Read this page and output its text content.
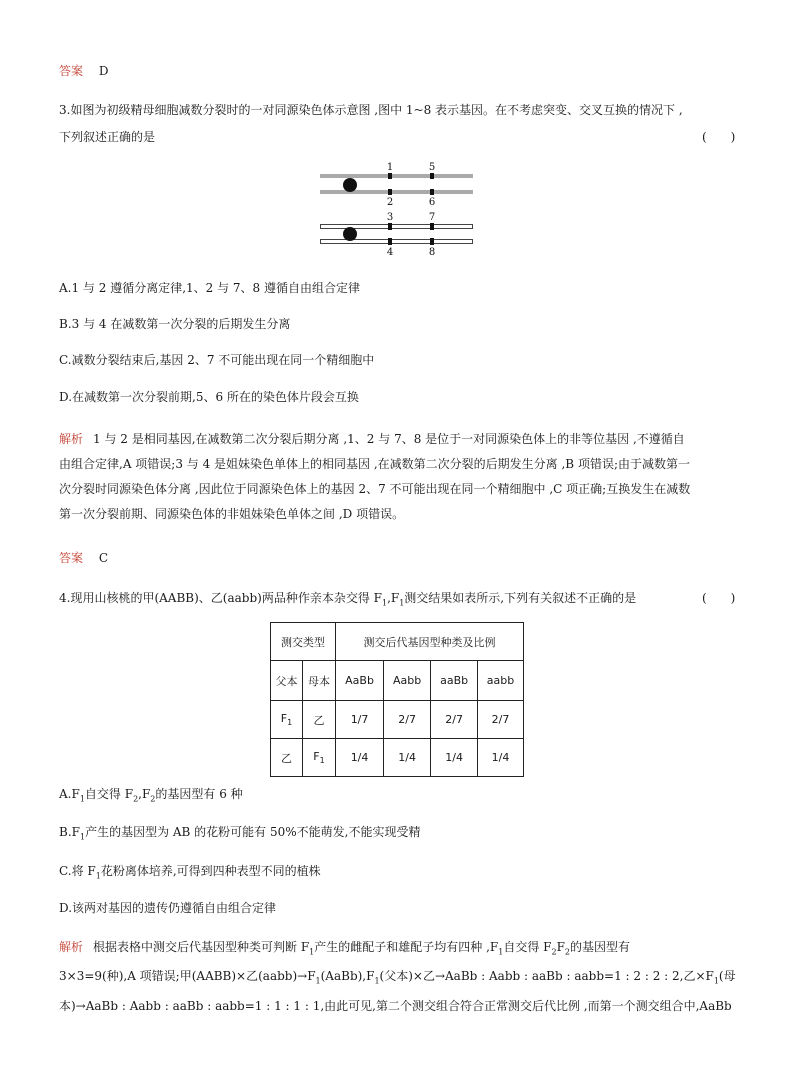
答案 D
3.如图为初级精母细胞减数分裂时的一对同源染色体示意图 ,图中 1~8 表示基因。在不考虑突变、交叉互换的情况下 ,
下列叙述正确的是	(　　)
1	5
2	6
3	7
4	8
A.1 与 2 遵循分离定律,1、2 与 7、8 遵循自由组合定律
B.3 与 4 在减数第一次分裂的后期发生分离
C.减数分裂结束后,基因 2、7 不可能出现在同一个精细胞中
D.在减数第一次分裂前期,5、6 所在的染色体片段会互换
解析 1 与 2 是相同基因,在减数第二次分裂后期分离 ,1、2 与 7、8 是位于一对同源染色体上的非等位基因 ,不遵循自
由组合定律,A 项错误;3 与 4 是姐妹染色单体上的相同基因 ,在减数第二次分裂的后期发生分离 ,B 项错误;由于减数第一
次分裂时同源染色体分离 ,因此位于同源染色体上的基因 2、7 不可能出现在同一个精细胞中 ,C 项正确;互换发生在减数
第一次分裂前期、同源染色体的非姐妹染色单体之间 ,D 项错误。
答案 C
4.现用山核桃的甲(AABB)、乙(aabb)两品种作亲本杂交得 $F_1,F_1$测交结果如表所示,下列有关叙述不正确的是	(　　)
测交类型		测交后代基因型种类及比例			
父本	母本	AaBb	Aabb	aaBb	aabb
$F_1$	乙	1/7	2/7	2/7	2/7
乙	$F_1$	1/4	1/4	1/4	1/4
$A.F_1$自交得 $F_2,F_2$的基因型有 6 种
$B.F_1$产生的基因型为 AB 的花粉可能有 50%不能萌发,不能实现受精
C.将 $F_1$花粉离体培养,可得到四种表型不同的植株
D.该两对基因的遗传仍遵循自由组合定律
解析 根据表格中测交后代基因型种类可判断 $F_1$产生的雌配子和雄配子均有四种 $,F_1$自交得 $F_2F_2$的基因型有
3×3=9(种),A 项错误;甲(AABB)×乙$(aabb)\to F_1(AaBb),F_1$(父本)×乙→AaBb : Aabb : aaBb : aabb=1 : 2 : 2 : 2,乙$\times F_1$(母
本)→AaBb : Aabb : aaBb : aabb=1 : 1 : 1 : 1,由此可见,第二个测交组合符合正常测交后代比例 ,而第一个测交组合中,AaBb
